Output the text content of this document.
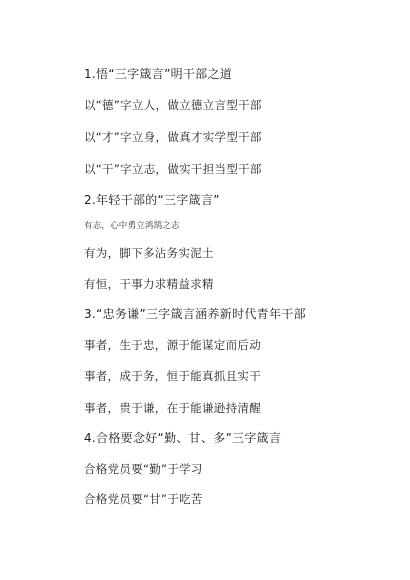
1.悟“三字箴言”明干部之道
以“德”字立人，做立德立言型干部
以“才”字立身，做真才实学型干部
以“干”字立志，做实干担当型干部
2.年轻干部的“三字箴言”
有志，心中勇立鸿鹄之志
有为，脚下多沾务实泥土
有恒，干事力求精益求精
3.“忠务谦”三字箴言涵养新时代青年干部
事者，生于忠，源于能谋定而后动
事者，成于务，恒于能真抓且实干
事者，贵于谦，在于能谦逊持清醒
4.合格要念好“勤、甘、多”三字箴言
合格党员要“勤”于学习
合格党员要“甘”于吃苦
